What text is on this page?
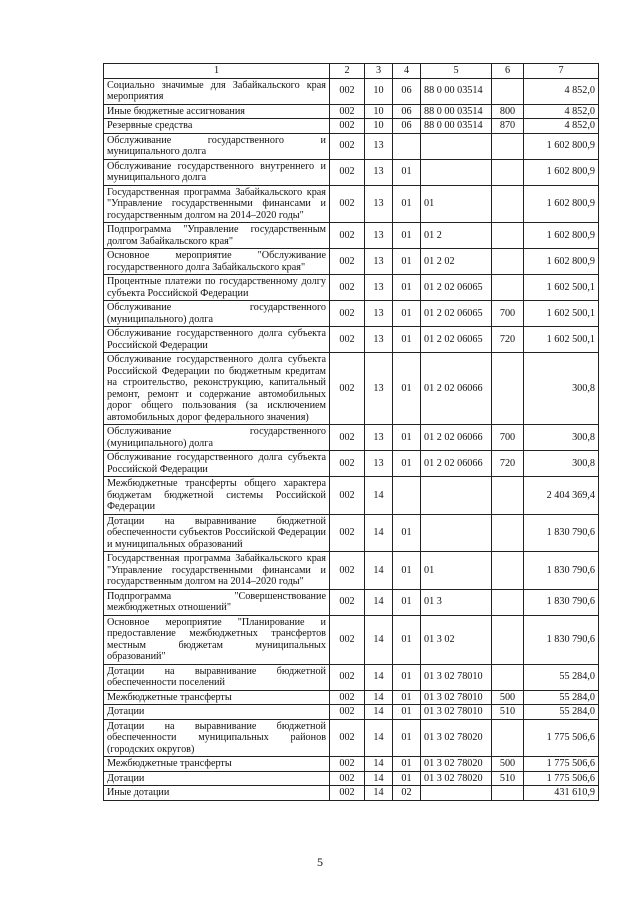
1	2	3	4	5	6	7
Социально значимые для Забайкальского края мероприятия	002	10	06	88 0 00 03514		4 852,0
Иные бюджетные ассигнования	002	10	06	88 0 00 03514	800	4 852,0
Резервные средства	002	10	06	88 0 00 03514	870	4 852,0
Обслуживание государственного и муниципального долга	002	13				1 602 800,9
Обслуживание государственного внутреннего и муниципального долга	002	13	01			1 602 800,9
Государственная программа Забайкальского края "Управление государственными финансами и государственным долгом на 2014–2020 годы"	002	13	01	01		1 602 800,9
Подпрограмма "Управление государственным долгом Забайкальского края"	002	13	01	01 2		1 602 800,9
Основное мероприятие "Обслуживание государственного долга Забайкальского края"	002	13	01	01 2 02		1 602 800,9
Процентные платежи по государственному долгу субъекта Российской Федерации	002	13	01	01 2 02 06065		1 602 500,1
Обслуживание государственного (муниципального) долга	002	13	01	01 2 02 06065	700	1 602 500,1
Обслуживание государственного долга субъекта Российской Федерации	002	13	01	01 2 02 06065	720	1 602 500,1
Обслуживание государственного долга субъекта Российской Федерации по бюджетным кредитам на строительство, реконструкцию, капитальный ремонт, ремонт и содержание автомобильных дорог общего пользования (за исключением автомобильных дорог федерального значения)	002	13	01	01 2 02 06066		300,8
Обслуживание государственного (муниципального) долга	002	13	01	01 2 02 06066	700	300,8
Обслуживание государственного долга субъекта Российской Федерации	002	13	01	01 2 02 06066	720	300,8
Межбюджетные трансферты общего характера бюджетам бюджетной системы Российской Федерации	002	14				2 404 369,4
Дотации на выравнивание бюджетной обеспеченности субъектов Российской Федерации и муниципальных образований	002	14	01			1 830 790,6
Государственная программа Забайкальского края "Управление государственными финансами и государственным долгом на 2014–2020 годы"	002	14	01	01		1 830 790,6
Подпрограмма "Совершенствование межбюджетных отношений"	002	14	01	01 3		1 830 790,6
Основное мероприятие "Планирование и предоставление межбюджетных трансфертов местным бюджетам муниципальных образований"	002	14	01	01 3 02		1 830 790,6
Дотации на выравнивание бюджетной обеспеченности поселений	002	14	01	01 3 02 78010		55 284,0
Межбюджетные трансферты	002	14	01	01 3 02 78010	500	55 284,0
Дотации	002	14	01	01 3 02 78010	510	55 284,0
Дотации на выравнивание бюджетной обеспеченности муниципальных районов (городских округов)	002	14	01	01 3 02 78020		1 775 506,6
Межбюджетные трансферты	002	14	01	01 3 02 78020	500	1 775 506,6
Дотации	002	14	01	01 3 02 78020	510	1 775 506,6
Иные дотации	002	14	02			431 610,9
5
